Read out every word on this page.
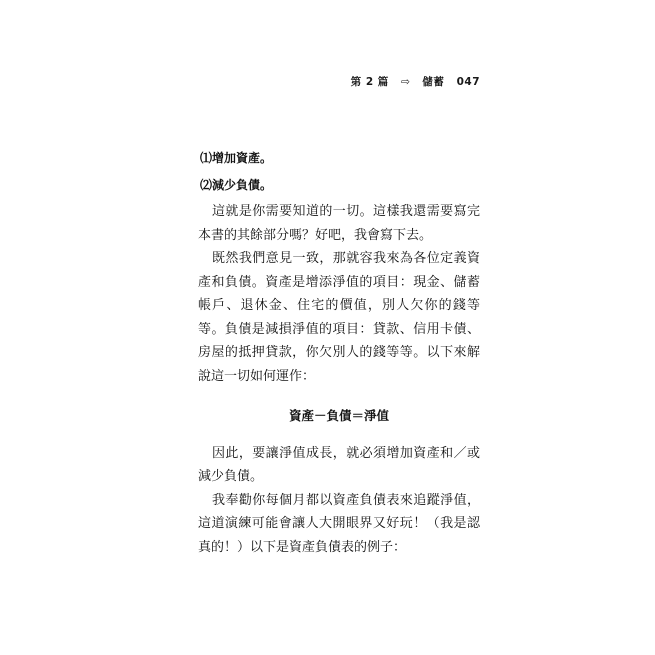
第 2 篇 ⇨ 儲蓄 047
⑴增加資產。
⑵減少負債。

這就是你需要知道的一切。這樣我還需要寫完本書的其餘部分嗎？好吧，我會寫下去。

既然我們意見一致，那就容我來為各位定義資產和負債。資產是增添淨值的項目：現金、儲蓄帳戶、退休金、住宅的價值，別人欠你的錢等等。負債是減損淨值的項目：貸款、信用卡債、房屋的抵押貸款，你欠別人的錢等等。以下來解說這一切如何運作：

資產－負債＝淨值

因此，要讓淨值成長，就必須增加資產和／或減少負債。

我奉勸你每個月都以資產負債表來追蹤淨值，這道演練可能會讓人大開眼界又好玩！（我是認真的！）以下是資產負債表的例子：
